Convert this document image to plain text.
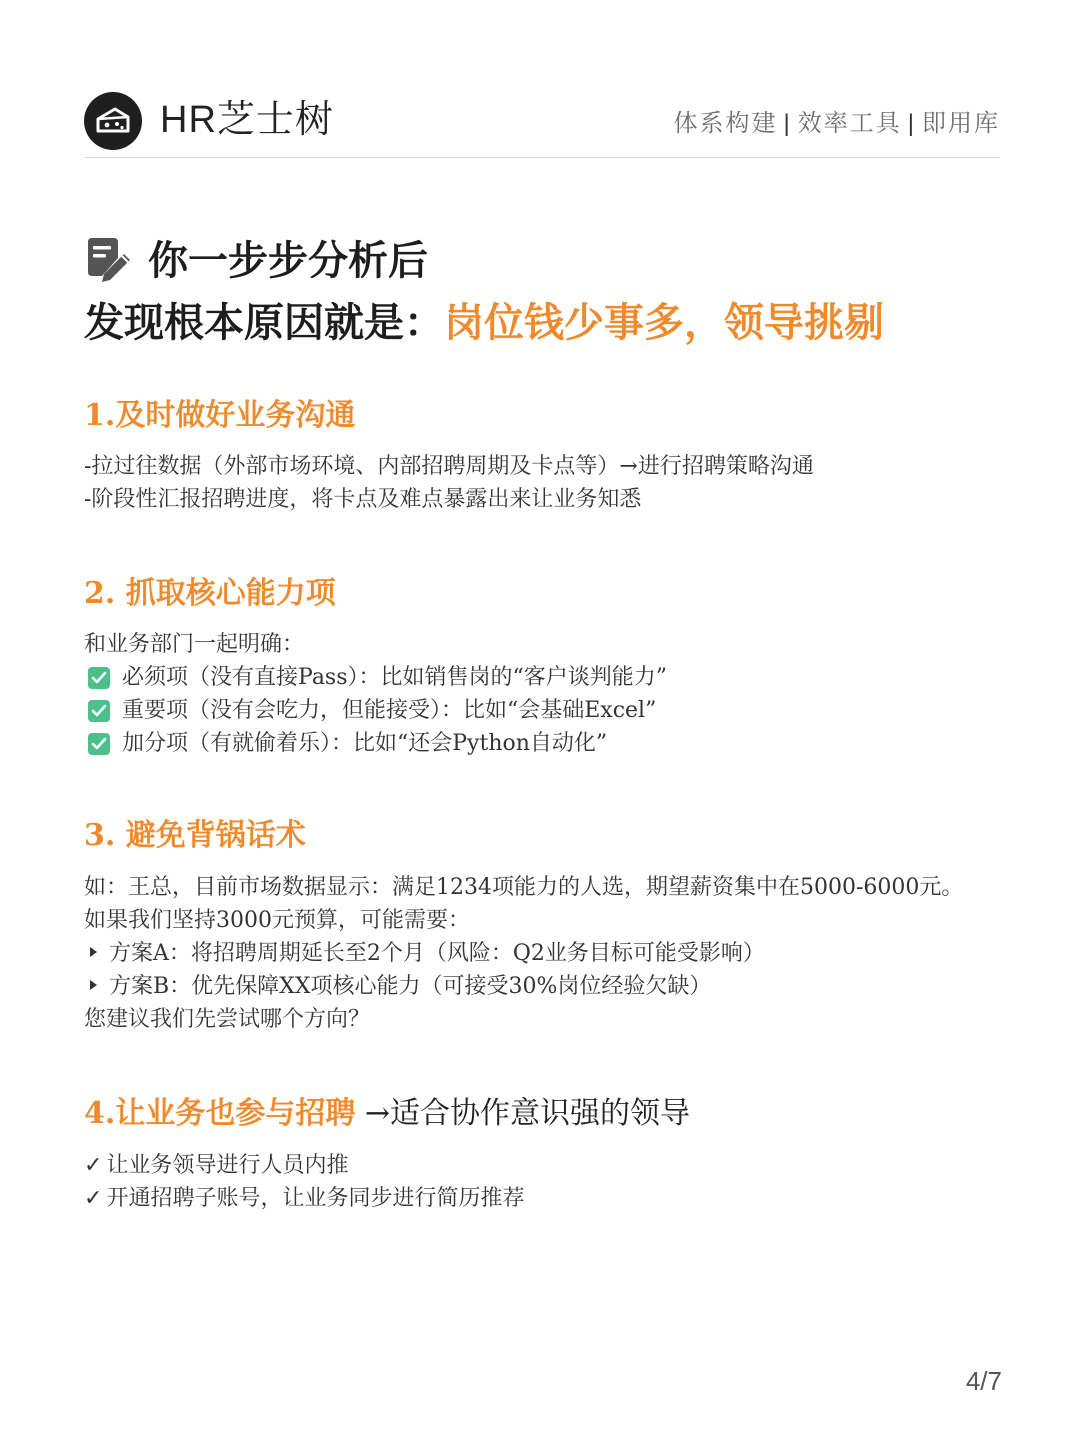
HR芝士树	体系构建 | 效率工具 | 即用库
你一步步分析后
发现根本原因就是：岗位钱少事多，领导挑剔
1.及时做好业务沟通
-拉过往数据（外部市场环境、内部招聘周期及卡点等）→进行招聘策略沟通
-阶段性汇报招聘进度，将卡点及难点暴露出来让业务知悉
2. 抓取核心能力项
和业务部门一起明确：
必须项（没有直接Pass）：比如销售岗的“客户谈判能力”
重要项（没有会吃力，但能接受）：比如“会基础Excel”
加分项（有就偷着乐）：比如“还会Python自动化”
3. 避免背锅话术
如：王总，目前市场数据显示：满足1234项能力的人选，期望薪资集中在5000-6000元。
如果我们坚持3000元预算，可能需要：
方案A：将招聘周期延长至2个月（风险：Q2业务目标可能受影响）
方案B：优先保障XX项核心能力（可接受30%岗位经验欠缺）
您建议我们先尝试哪个方向？
4.让业务也参与招聘 →适合协作意识强的领导
✓ 让业务领导进行人员内推
✓ 开通招聘子账号，让业务同步进行简历推荐
4/7
